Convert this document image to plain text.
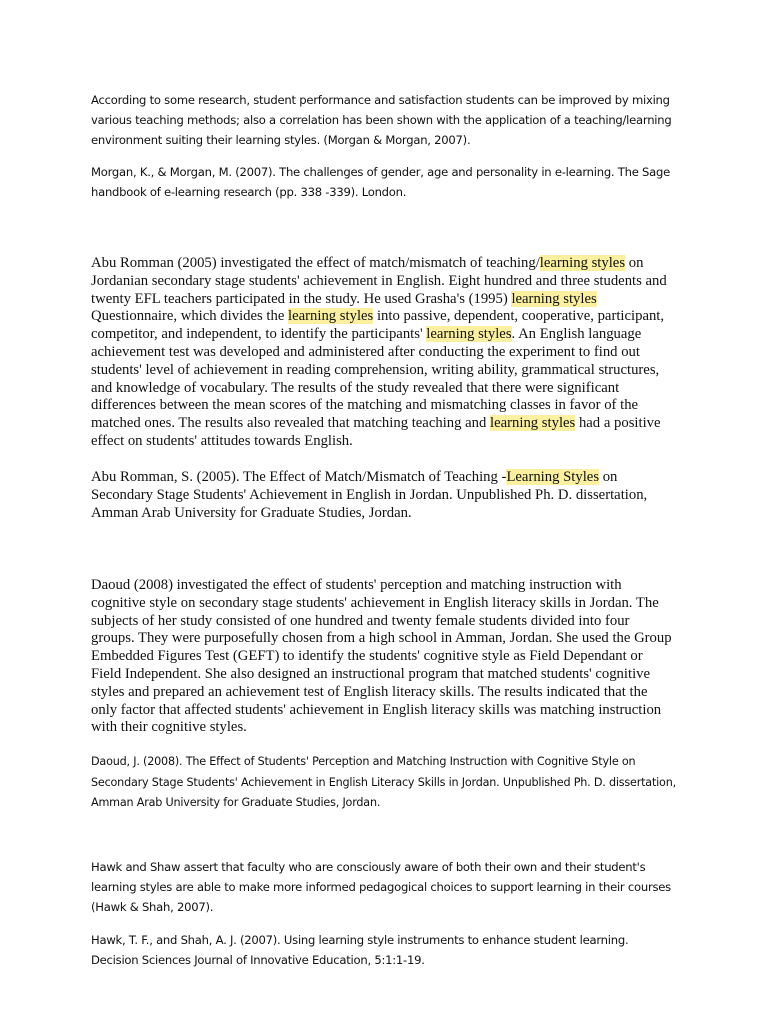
According to some research, student performance and satisfaction students can be improved by mixing various teaching methods; also a correlation has been shown with the application of a teaching/learning environment suiting their learning styles. (Morgan & Morgan, 2007).

Morgan, K., & Morgan, M. (2007). The challenges of gender, age and personality in e-learning. The Sage handbook of e-learning research (pp. 338 -339). London.

Abu Romman (2005) investigated the effect of match/mismatch of teaching/learning styles on Jordanian secondary stage students' achievement in English. Eight hundred and three students and twenty EFL teachers participated in the study. He used Grasha's (1995) learning styles Questionnaire, which divides the learning styles into passive, dependent, cooperative, participant, competitor, and independent, to identify the participants' learning styles. An English language achievement test was developed and administered after conducting the experiment to find out students' level of achievement in reading comprehension, writing ability, grammatical structures, and knowledge of vocabulary. The results of the study revealed that there were significant differences between the mean scores of the matching and mismatching classes in favor of the matched ones. The results also revealed that matching teaching and learning styles had a positive effect on students' attitudes towards English.

Abu Romman, S. (2005). The Effect of Match/Mismatch of Teaching -Learning Styles on Secondary Stage Students' Achievement in English in Jordan. Unpublished Ph. D. dissertation, Amman Arab University for Graduate Studies, Jordan.

Daoud (2008) investigated the effect of students' perception and matching instruction with cognitive style on secondary stage students' achievement in English literacy skills in Jordan. The subjects of her study consisted of one hundred and twenty female students divided into four groups. They were purposefully chosen from a high school in Amman, Jordan. She used the Group Embedded Figures Test (GEFT) to identify the students' cognitive style as Field Dependant or Field Independent. She also designed an instructional program that matched students' cognitive styles and prepared an achievement test of English literacy skills. The results indicated that the only factor that affected students' achievement in English literacy skills was matching instruction with their cognitive styles.

Daoud, J. (2008). The Effect of Students' Perception and Matching Instruction with Cognitive Style on Secondary Stage Students' Achievement in English Literacy Skills in Jordan. Unpublished Ph. D. dissertation, Amman Arab University for Graduate Studies, Jordan.

Hawk and Shaw assert that faculty who are consciously aware of both their own and their student's learning styles are able to make more informed pedagogical choices to support learning in their courses (Hawk & Shah, 2007).

Hawk, T. F., and Shah, A. J. (2007). Using learning style instruments to enhance student learning. Decision Sciences Journal of Innovative Education, 5:1:1-19.
